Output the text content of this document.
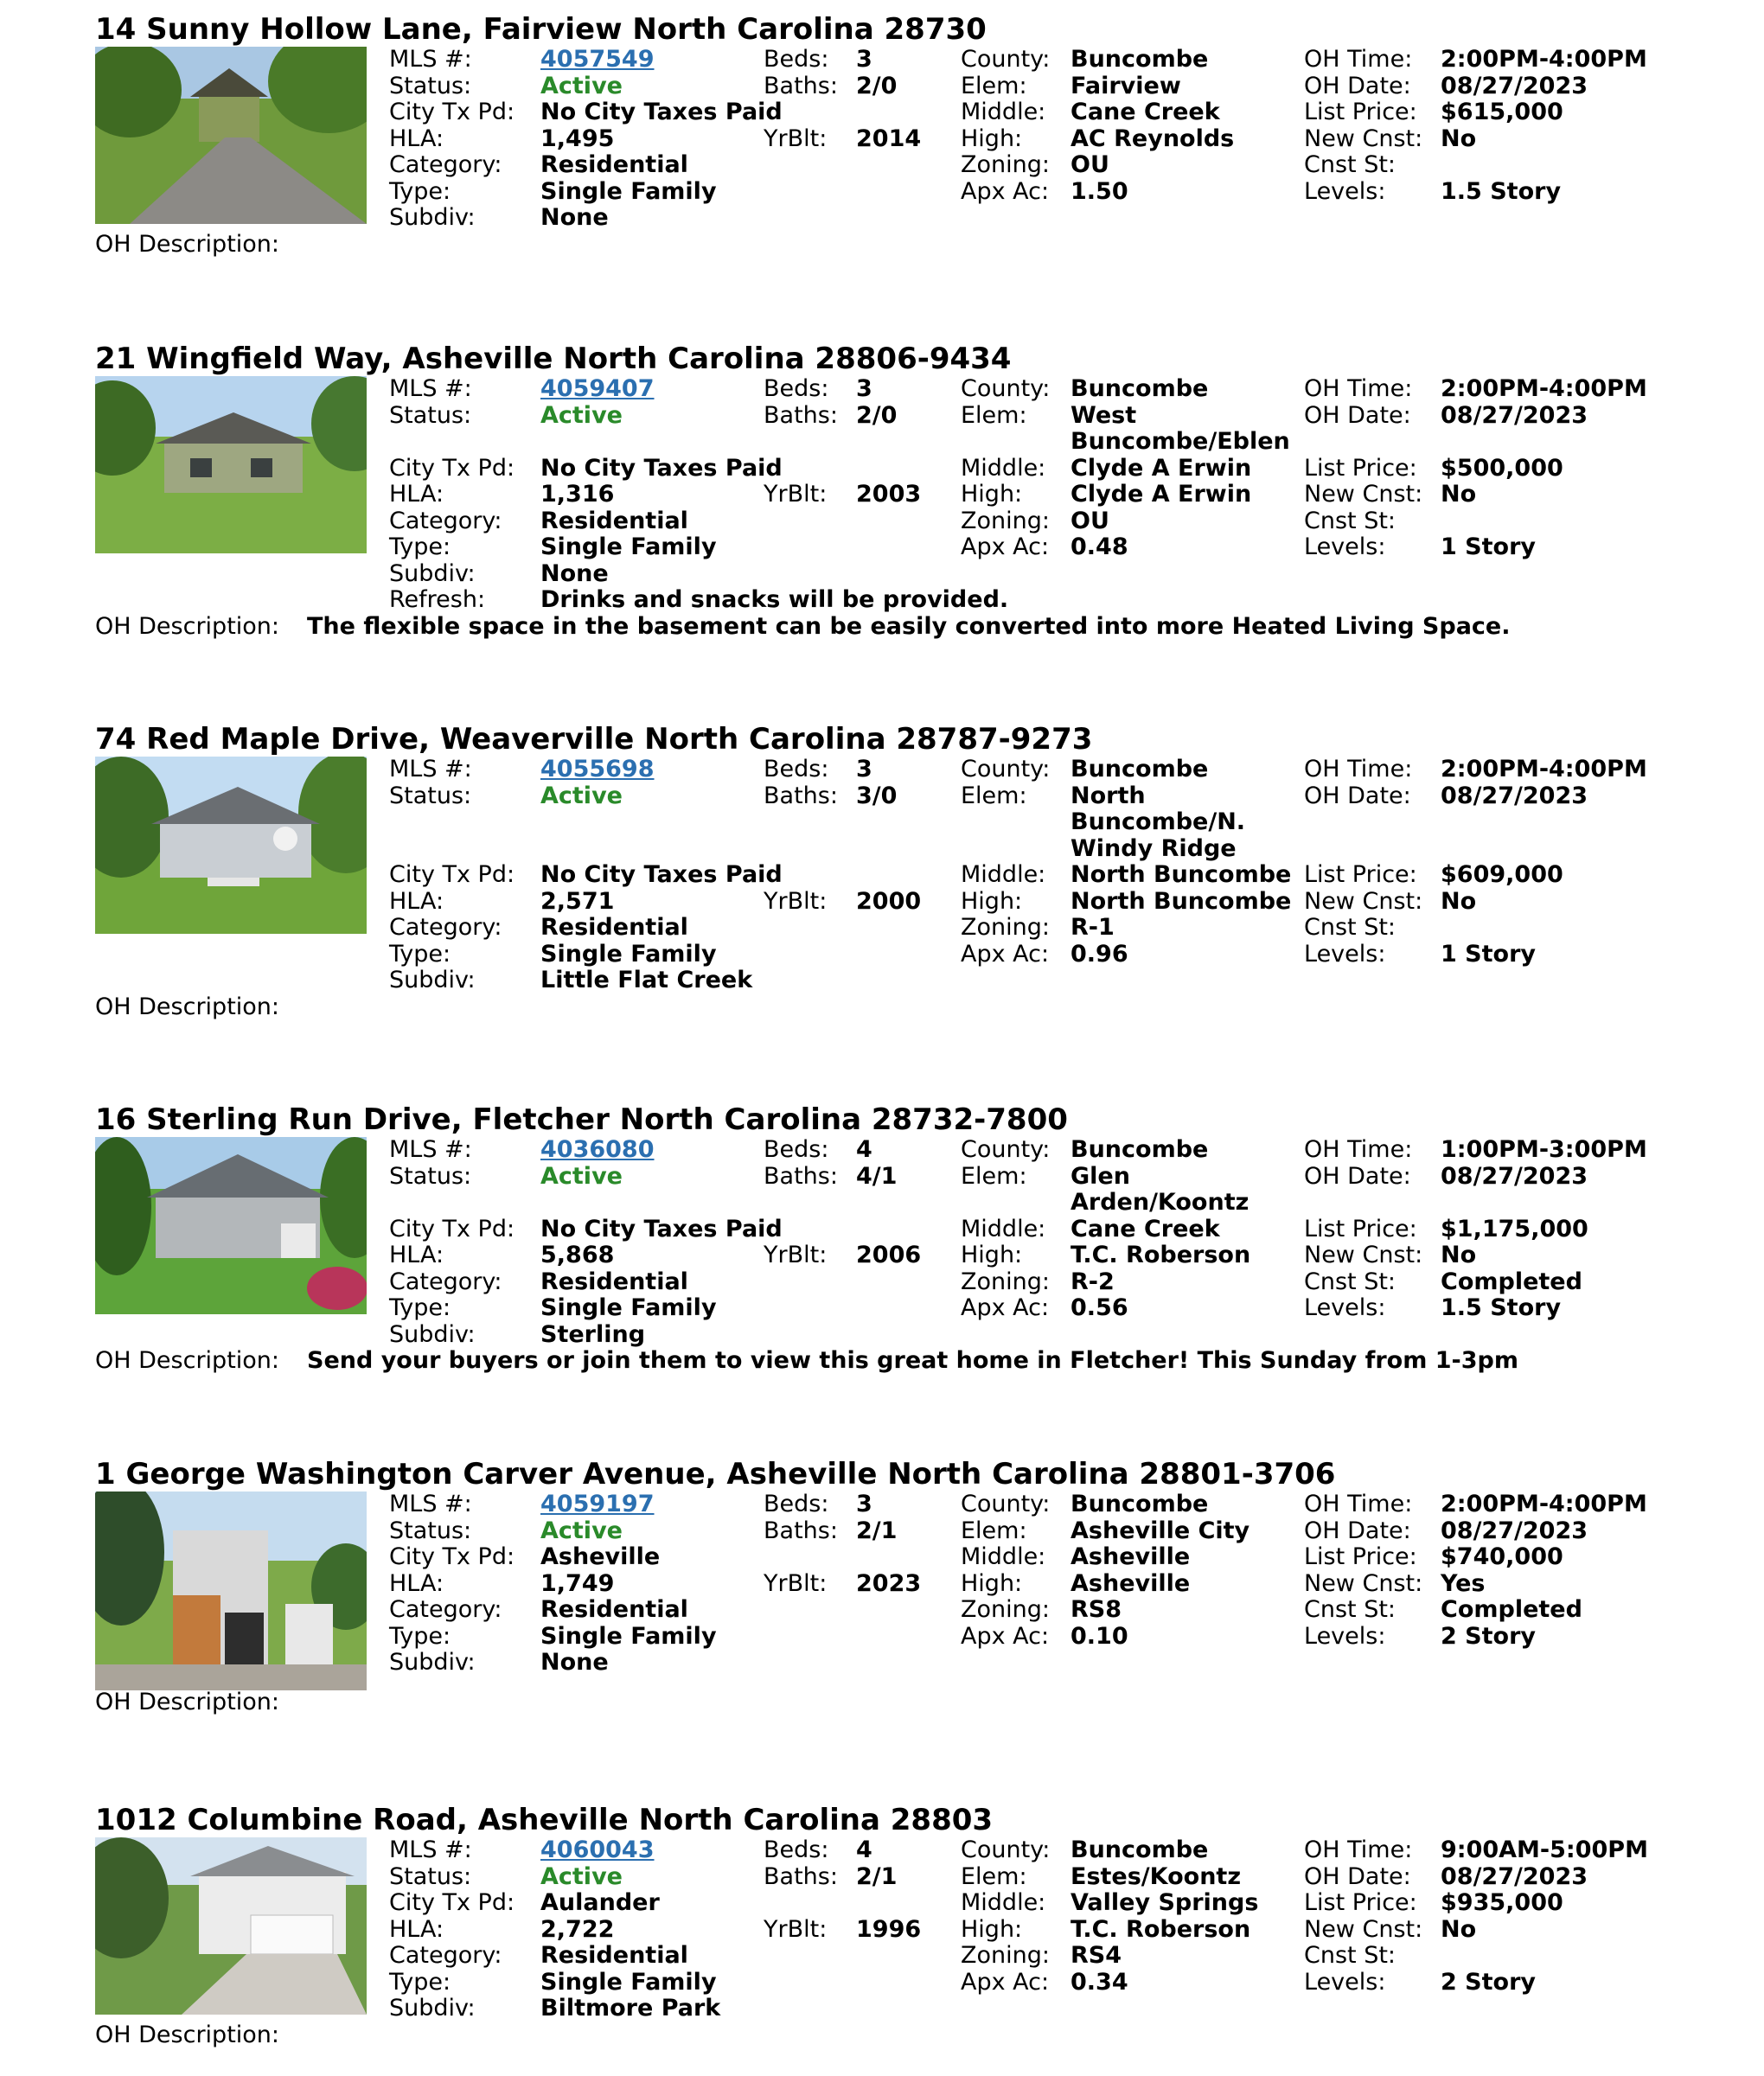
14 Sunny Hollow Lane, Fairview North Carolina 28730
MLS #:	4057549
Status:	Active
City Tx Pd: No City Taxes Paid
HLA:	1,495
Category: Residential
Type:	Single Family
Subdiv:	None
Beds: 3
Baths: 2/0
YrBlt: 2014
County: Buncombe
Elem: Fairview
Middle: Cane Creek
High: AC Reynolds
Zoning: OU
Apx Ac: 1.50
OH Time: 2:00PM-4:00PM
OH Date: 08/27/2023
List Price: $615,000
New Cnst: No
Cnst St:
Levels: 1.5 Story
OH Description:
21 Wingfield Way, Asheville North Carolina 28806-9434
MLS #:	4059407
Status:	Active
City Tx Pd: No City Taxes Paid
HLA:	1,316
Category: Residential
Type:	Single Family
Subdiv:	None
Refresh: Drinks and snacks will be provided.
Beds: 3
Baths: 2/0
YrBlt: 2003
County: Buncombe
Elem: West
Buncombe/Eblen
Middle: Clyde A Erwin
High: Clyde A Erwin
Zoning: OU
Apx Ac: 0.48
OH Time: 2:00PM-4:00PM
OH Date: 08/27/2023
List Price: $500,000
New Cnst: No
Cnst St:
Levels: 1 Story
OH Description: The flexible space in the basement can be easily converted into more Heated Living Space.
74 Red Maple Drive, Weaverville North Carolina 28787-9273
MLS #:	4055698
Status:	Active
City Tx Pd: No City Taxes Paid
HLA:	2,571
Category: Residential
Type:	Single Family
Subdiv:	Little Flat Creek
Beds: 3
Baths: 3/0
YrBlt: 2000
County: Buncombe
Elem: North
Buncombe/N.
Windy Ridge
Middle: North Buncombe
High: North Buncombe
Zoning: R-1
Apx Ac: 0.96
OH Time: 2:00PM-4:00PM
OH Date: 08/27/2023
List Price: $609,000
New Cnst: No
Cnst St:
Levels: 1 Story
OH Description:
16 Sterling Run Drive, Fletcher North Carolina 28732-7800
MLS #:	4036080
Status:	Active
City Tx Pd: No City Taxes Paid
HLA:	5,868
Category: Residential
Type:	Single Family
Subdiv:	Sterling
Beds: 4
Baths: 4/1
YrBlt: 2006
County: Buncombe
Elem: Glen
Arden/Koontz
Middle: Cane Creek
High: T.C. Roberson
Zoning: R-2
Apx Ac: 0.56
OH Time: 1:00PM-3:00PM
OH Date: 08/27/2023
List Price: $1,175,000
New Cnst: No
Cnst St: Completed
Levels: 1.5 Story
OH Description: Send your buyers or join them to view this great home in Fletcher! This Sunday from 1-3pm
1 George Washington Carver Avenue, Asheville North Carolina 28801-3706
MLS #:	4059197
Status:	Active
City Tx Pd: Asheville
HLA:	1,749
Category: Residential
Type:	Single Family
Subdiv:	None
Beds: 3
Baths: 2/1
YrBlt: 2023
County: Buncombe
Elem: Asheville City
Middle: Asheville
High: Asheville
Zoning: RS8
Apx Ac: 0.10
OH Time: 2:00PM-4:00PM
OH Date: 08/27/2023
List Price: $740,000
New Cnst: Yes
Cnst St: Completed
Levels: 2 Story
OH Description:
1012 Columbine Road, Asheville North Carolina 28803
MLS #:	4060043
Status:	Active
City Tx Pd: Aulander
HLA:	2,722
Category: Residential
Type:	Single Family
Subdiv:	Biltmore Park
Beds: 4
Baths: 2/1
YrBlt: 1996
County: Buncombe
Elem: Estes/Koontz
Middle: Valley Springs
High: T.C. Roberson
Zoning: RS4
Apx Ac: 0.34
OH Time: 9:00AM-5:00PM
OH Date: 08/27/2023
List Price: $935,000
New Cnst: No
Cnst St:
Levels: 2 Story
OH Description:
